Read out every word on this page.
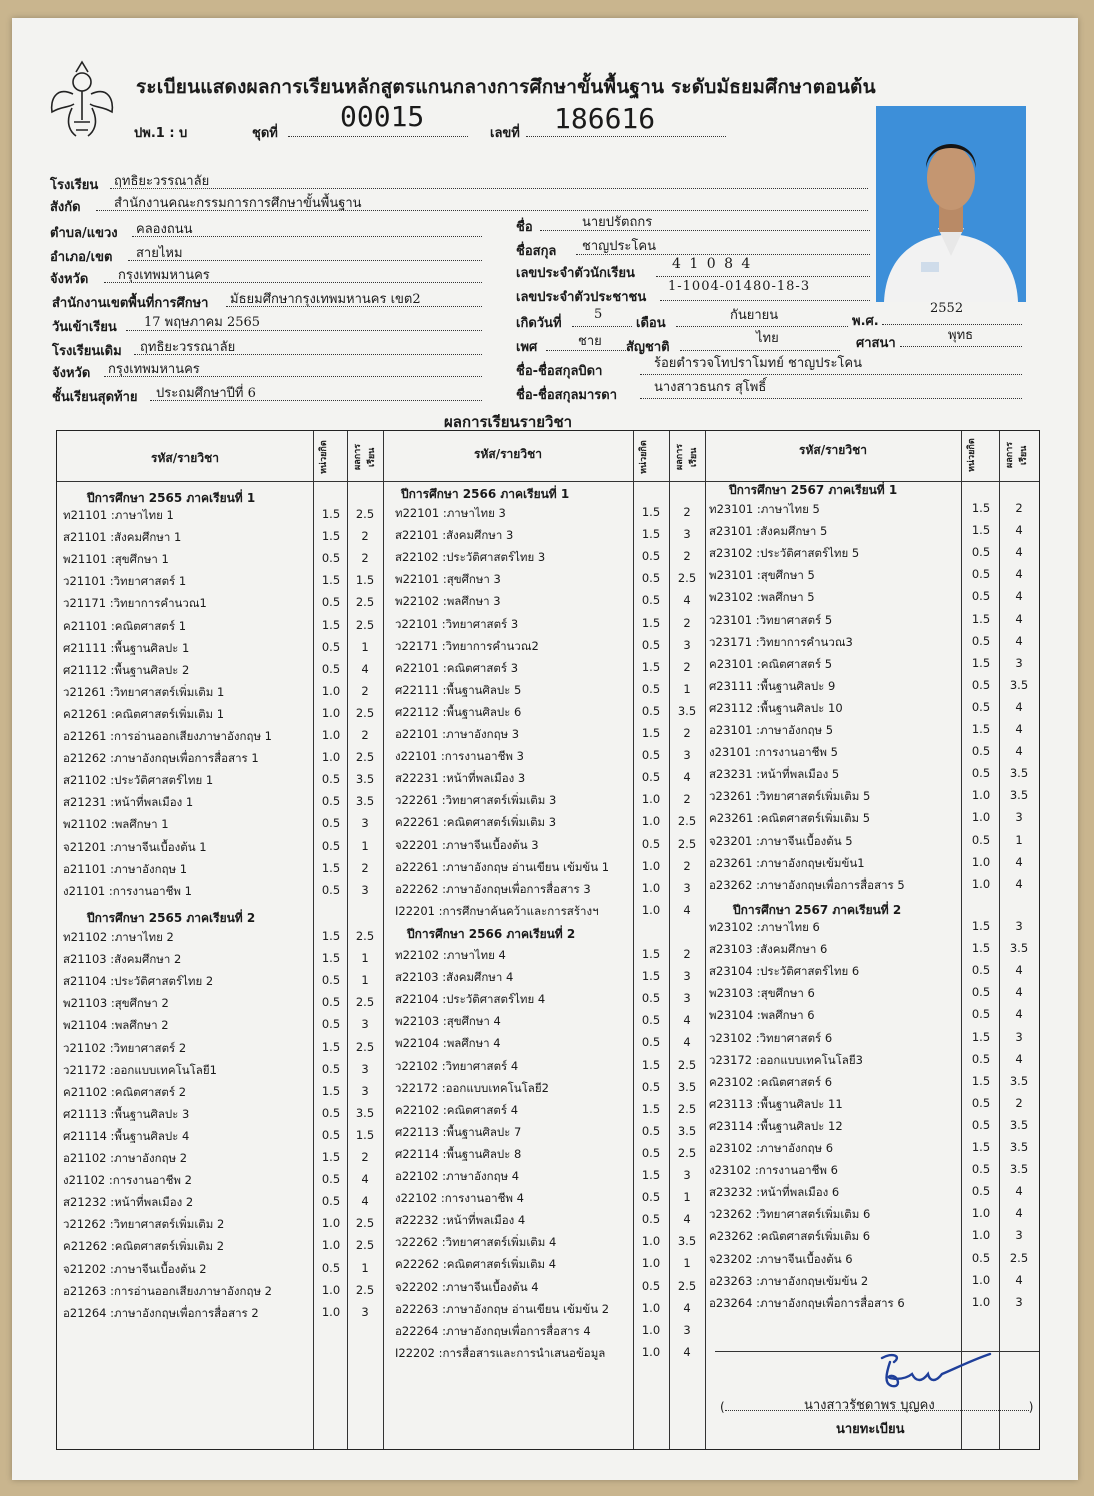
ระเบียนแสดงผลการเรียนหลักสูตรแกนกลางการศึกษาขั้นพื้นฐาน ระดับมัธยมศึกษาตอนต้น
ปพ.1 : บ	ชุดที่
00015
เลขที่ 186616
โรงเรียน ฤทธิยะวรรณาลัย
สังกัด	สำนักงานคณะกรรมการการศึกษาขั้นพื้นฐาน
ตำบล/แขวง คลองถนน
อำเภอ/เขต สายไหม
จังหวัด กรุงเทพมหานคร
สำนักงานเขตพื้นที่การศึกษา มัธยมศึกษากรุงเทพมหานคร เขต2
วันเข้าเรียน 17 พฤษภาคม 2565
โรงเรียนเดิม ฤทธิยะวรรณาลัย
จังหวัด กรุงเทพมหานคร
ชั้นเรียนสุดท้าย ประถมศึกษาปีที่ 6
ชื่อ	นายปรัตถกร
ชื่อสกุล ชาญประโคน
เลขประจำตัวนักเรียน
4 1 0 8 4
เลขประจำตัวประชาชน
1-1004-01480-18-3
เกิดวันที่
5
เดือน
กันยายน	พ.ศ.
2552
เพศ	ชาย สัญชาติ
ไทย	ศาสนา
พุทธ
ชื่อ-ชื่อสกุลบิดา
ร้อยตำรวจโทปราโมทย์ ชาญประโคน
ชื่อ-ชื่อสกุลมารดา
นางสาวธนกร สุโพธิ์
ผลการเรียนรายวิชา
รหัส/รายวิชา	หน่วยกิต	ผลการเรียน	รหัส/รายวิชา	หน่วยกิต	ผลการเรียน	รหัส/รายวิชา	หน่วยกิต	ผลการเรียน
ปีการศึกษา 2565 ภาคเรียนที่ 1
ท21101 :ภาษาไทย 1	1.5	2.5
ส21101 :สังคมศึกษา 1	1.5	2
พ21101 :สุขศึกษา 1	0.5	2
ว21101 :วิทยาศาสตร์ 1	1.5	1.5
ว21171 :วิทยาการคำนวณ1	0.5	2.5
ค21101 :คณิตศาสตร์ 1	1.5	2.5
ศ21111 :พื้นฐานศิลปะ 1	0.5	1
ศ21112 :พื้นฐานศิลปะ 2	0.5	4
ว21261 :วิทยาศาสตร์เพิ่มเติม 1	1.0	2
ค21261 :คณิตศาสตร์เพิ่มเติม 1	1.0	2.5
อ21261 :การอ่านออกเสียงภาษาอังกฤษ 1	1.0	2
อ21262 :ภาษาอังกฤษเพื่อการสื่อสาร 1	1.0	2.5
ส21102 :ประวัติศาสตร์ไทย 1	0.5	3.5
ส21231 :หน้าที่พลเมือง 1	0.5	3.5
พ21102 :พลศึกษา 1	0.5	3
จ21201 :ภาษาจีนเบื้องต้น 1	0.5	1
อ21101 :ภาษาอังกฤษ 1	1.5	2
ง21101 :การงานอาชีพ 1	0.5	3
ปีการศึกษา 2565 ภาคเรียนที่ 2
ท21102 :ภาษาไทย 2	1.5	2.5
ส21103 :สังคมศึกษา 2	1.5	1
ส21104 :ประวัติศาสตร์ไทย 2	0.5	1
พ21103 :สุขศึกษา 2	0.5	2.5
พ21104 :พลศึกษา 2	0.5	3
ว21102 :วิทยาศาสตร์ 2	1.5	2.5
ว21172 :ออกแบบเทคโนโลยี1	0.5	3
ค21102 :คณิตศาสตร์ 2	1.5	3
ศ21113 :พื้นฐานศิลปะ 3	0.5	3.5
ศ21114 :พื้นฐานศิลปะ 4	0.5	1.5
อ21102 :ภาษาอังกฤษ 2	1.5	2
ง21102 :การงานอาชีพ 2	0.5	4
ส21232 :หน้าที่พลเมือง 2	0.5	4
ว21262 :วิทยาศาสตร์เพิ่มเติม 2	1.0	2.5
ค21262 :คณิตศาสตร์เพิ่มเติม 2	1.0	2.5
จ21202 :ภาษาจีนเบื้องต้น 2	0.5	1
อ21263 :การอ่านออกเสียงภาษาอังกฤษ 2	1.0	2.5
อ21264 :ภาษาอังกฤษเพื่อการสื่อสาร 2	1.0	3
ปีการศึกษา 2566 ภาคเรียนที่ 1
ท22101 :ภาษาไทย 3	1.5	2
ส22101 :สังคมศึกษา 3	1.5	3
ส22102 :ประวัติศาสตร์ไทย 3	0.5	2
พ22101 :สุขศึกษา 3	0.5	2.5
พ22102 :พลศึกษา 3	0.5	4
ว22101 :วิทยาศาสตร์ 3	1.5	2
ว22171 :วิทยาการคำนวณ2	0.5	3
ค22101 :คณิตศาสตร์ 3	1.5	2
ศ22111 :พื้นฐานศิลปะ 5	0.5	1
ศ22112 :พื้นฐานศิลปะ 6	0.5	3.5
อ22101 :ภาษาอังกฤษ 3	1.5	2
ง22101 :การงานอาชีพ 3	0.5	3
ส22231 :หน้าที่พลเมือง 3	0.5	4
ว22261 :วิทยาศาสตร์เพิ่มเติม 3	1.0	2
ค22261 :คณิตศาสตร์เพิ่มเติม 3	1.0	2.5
จ22201 :ภาษาจีนเบื้องต้น 3	0.5	2.5
อ22261 :ภาษาอังกฤษ อ่านเขียน เข้มข้น 1	1.0	2
อ22262 :ภาษาอังกฤษเพื่อการสื่อสาร 3	1.0	3
I22201 :การศึกษาค้นคว้าและการสร้างฯ	1.0	4
ปีการศึกษา 2566 ภาคเรียนที่ 2
ท22102 :ภาษาไทย 4	1.5	2
ส22103 :สังคมศึกษา 4	1.5	3
ส22104 :ประวัติศาสตร์ไทย 4	0.5	3
พ22103 :สุขศึกษา 4	0.5	4
พ22104 :พลศึกษา 4	0.5	4
ว22102 :วิทยาศาสตร์ 4	1.5	2.5
ว22172 :ออกแบบเทคโนโลยี2	0.5	3.5
ค22102 :คณิตศาสตร์ 4	1.5	2.5
ศ22113 :พื้นฐานศิลปะ 7	0.5	3.5
ศ22114 :พื้นฐานศิลปะ 8	0.5	2.5
อ22102 :ภาษาอังกฤษ 4	1.5	3
ง22102 :การงานอาชีพ 4	0.5	1
ส22232 :หน้าที่พลเมือง 4	0.5	4
ว22262 :วิทยาศาสตร์เพิ่มเติม 4	1.0	3.5
ค22262 :คณิตศาสตร์เพิ่มเติม 4	1.0	1
จ22202 :ภาษาจีนเบื้องต้น 4	0.5	2.5
อ22263 :ภาษาอังกฤษ อ่านเขียน เข้มข้น 2	1.0	4
อ22264 :ภาษาอังกฤษเพื่อการสื่อสาร 4	1.0	3
I22202 :การสื่อสารและการนำเสนอข้อมูล	1.0	4
ปีการศึกษา 2567 ภาคเรียนที่ 1
ท23101 :ภาษาไทย 5	1.5	2
ส23101 :สังคมศึกษา 5	1.5	4
ส23102 :ประวัติศาสตร์ไทย 5	0.5	4
พ23101 :สุขศึกษา 5	0.5	4
พ23102 :พลศึกษา 5	0.5	4
ว23101 :วิทยาศาสตร์ 5	1.5	4
ว23171 :วิทยาการคำนวณ3	0.5	4
ค23101 :คณิตศาสตร์ 5	1.5	3
ศ23111 :พื้นฐานศิลปะ 9	0.5	3.5
ศ23112 :พื้นฐานศิลปะ 10	0.5	4
อ23101 :ภาษาอังกฤษ 5	1.5	4
ง23101 :การงานอาชีพ 5	0.5	4
ส23231 :หน้าที่พลเมือง 5	0.5	3.5
ว23261 :วิทยาศาสตร์เพิ่มเติม 5	1.0	3.5
ค23261 :คณิตศาสตร์เพิ่มเติม 5	1.0	3
จ23201 :ภาษาจีนเบื้องต้น 5	0.5	1
อ23261 :ภาษาอังกฤษเข้มข้น1	1.0	4
อ23262 :ภาษาอังกฤษเพื่อการสื่อสาร 5	1.0	4
ปีการศึกษา 2567 ภาคเรียนที่ 2
ท23102 :ภาษาไทย 6	1.5	3
ส23103 :สังคมศึกษา 6	1.5	3.5
ส23104 :ประวัติศาสตร์ไทย 6	0.5	4
พ23103 :สุขศึกษา 6	0.5	4
พ23104 :พลศึกษา 6	0.5	4
ว23102 :วิทยาศาสตร์ 6	1.5	3
ว23172 :ออกแบบเทคโนโลยี3	0.5	4
ค23102 :คณิตศาสตร์ 6	1.5	3.5
ศ23113 :พื้นฐานศิลปะ 11	0.5	2
ศ23114 :พื้นฐานศิลปะ 12	0.5	3.5
อ23102 :ภาษาอังกฤษ 6	1.5	3.5
ง23102 :การงานอาชีพ 6	0.5	3.5
ส23232 :หน้าที่พลเมือง 6	0.5	4
ว23262 :วิทยาศาสตร์เพิ่มเติม 6	1.0	4
ค23262 :คณิตศาสตร์เพิ่มเติม 6	1.0	3
จ23202 :ภาษาจีนเบื้องต้น 6	0.5	2.5
อ23263 :ภาษาอังกฤษเข้มข้น 2	1.0	4
อ23264 :ภาษาอังกฤษเพื่อการสื่อสาร 6	1.0	3
(	)
นางสาวรัชดาพร บุญคง
นายทะเบียน
